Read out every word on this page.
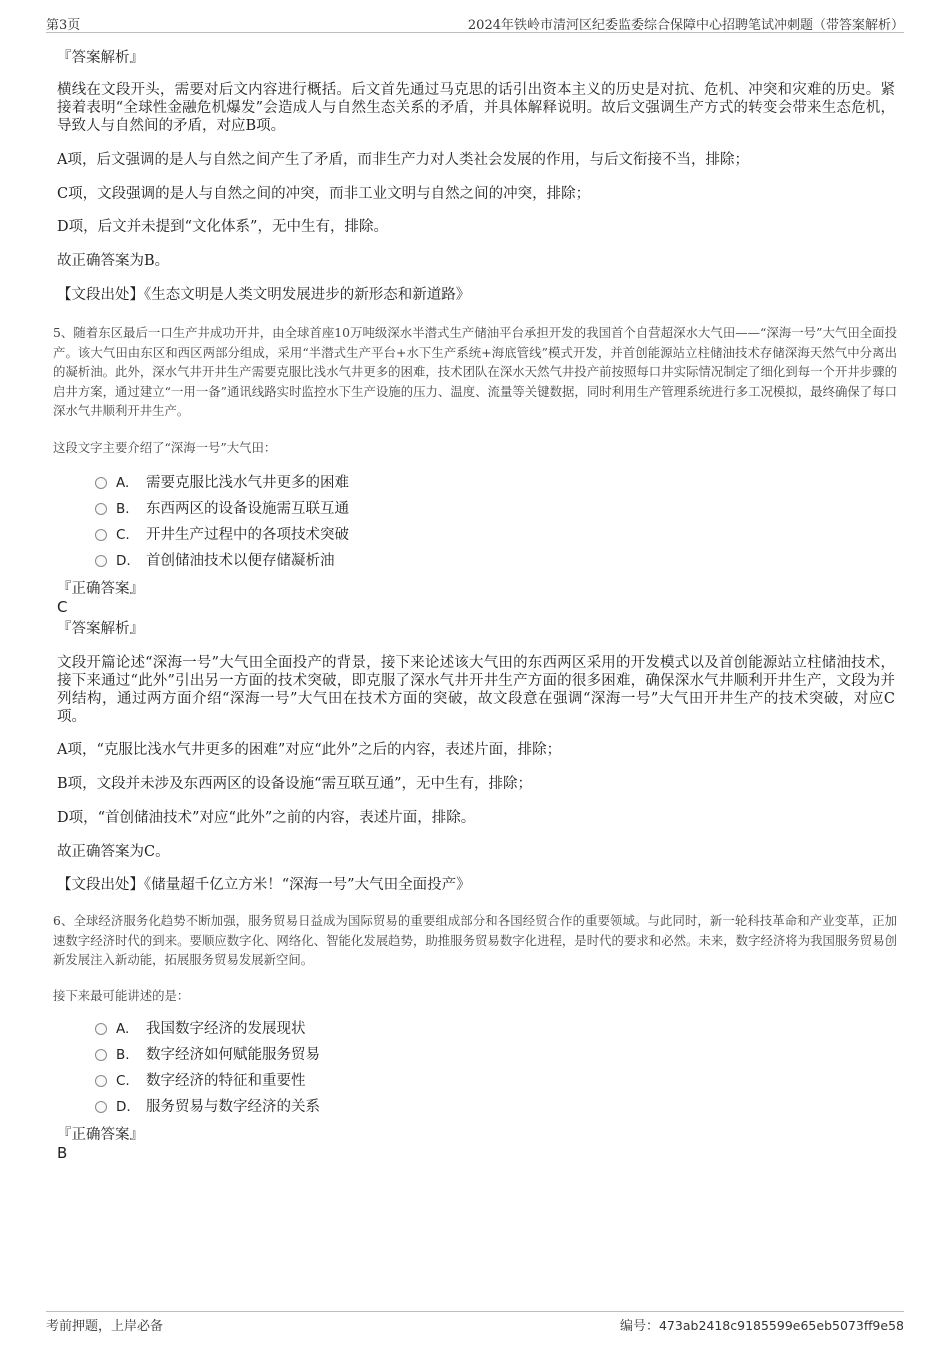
第3页	2024年铁岭市清河区纪委监委综合保障中心招聘笔试冲刺题（带答案解析）
『答案解析』
横线在文段开头，需要对后文内容进行概括。后文首先通过马克思的话引出资本主义的历史是对抗、危机、冲突和灾难的历史。紧接着表明“全球性金融危机爆发”会造成人与自然生态关系的矛盾，并具体解释说明。故后文强调生产方式的转变会带来生态危机，导致人与自然间的矛盾，对应B项。
A项，后文强调的是人与自然之间产生了矛盾，而非生产力对人类社会发展的作用，与后文衔接不当，排除；
C项，文段强调的是人与自然之间的冲突，而非工业文明与自然之间的冲突，排除；
D项，后文并未提到“文化体系”，无中生有，排除。
故正确答案为B。
【文段出处】《生态文明是人类文明发展进步的新形态和新道路》
5、随着东区最后一口生产井成功开井，由全球首座10万吨级深水半潜式生产储油平台承担开发的我国首个自营超深水大气田——“深海一号”大气田全面投产。该大气田由东区和西区两部分组成，采用“半潜式生产平台+水下生产系统+海底管线”模式开发，并首创能源站立柱储油技术存储深海天然气中分离出的凝析油。此外，深水气井开井生产需要克服比浅水气井更多的困难，技术团队在深水天然气井投产前按照每口井实际情况制定了细化到每一个开井步骤的启井方案，通过建立“一用一备”通讯线路实时监控水下生产设施的压力、温度、流量等关键数据，同时利用生产管理系统进行多工况模拟，最终确保了每口深水气井顺利开井生产。
这段文字主要介绍了“深海一号”大气田：
A. 需要克服比浅水气井更多的困难
B. 东西两区的设备设施需互联互通
C. 开井生产过程中的各项技术突破
D. 首创储油技术以便存储凝析油
『正确答案』
C
『答案解析』
文段开篇论述“深海一号”大气田全面投产的背景，接下来论述该大气田的东西两区采用的开发模式以及首创能源站立柱储油技术，接下来通过“此外”引出另一方面的技术突破，即克服了深水气井开井生产方面的很多困难，确保深水气井顺利开井生产，文段为并列结构，通过两方面介绍“深海一号”大气田在技术方面的突破，故文段意在强调“深海一号”大气田开井生产的技术突破，对应C项。
A项，“克服比浅水气井更多的困难”对应“此外”之后的内容，表述片面，排除；
B项，文段并未涉及东西两区的设备设施“需互联互通”，无中生有，排除；
D项，“首创储油技术”对应“此外”之前的内容，表述片面，排除。
故正确答案为C。
【文段出处】《储量超千亿立方米！“深海一号”大气田全面投产》
6、全球经济服务化趋势不断加强，服务贸易日益成为国际贸易的重要组成部分和各国经贸合作的重要领域。与此同时，新一轮科技革命和产业变革，正加速数字经济时代的到来。要顺应数字化、网络化、智能化发展趋势，助推服务贸易数字化进程，是时代的要求和必然。未来，数字经济将为我国服务贸易创新发展注入新动能，拓展服务贸易发展新空间。
接下来最可能讲述的是：
A. 我国数字经济的发展现状
B. 数字经济如何赋能服务贸易
C. 数字经济的特征和重要性
D. 服务贸易与数字经济的关系
『正确答案』
B
考前押题，上岸必备	编号：473ab2418c9185599e65eb5073ff9e58
